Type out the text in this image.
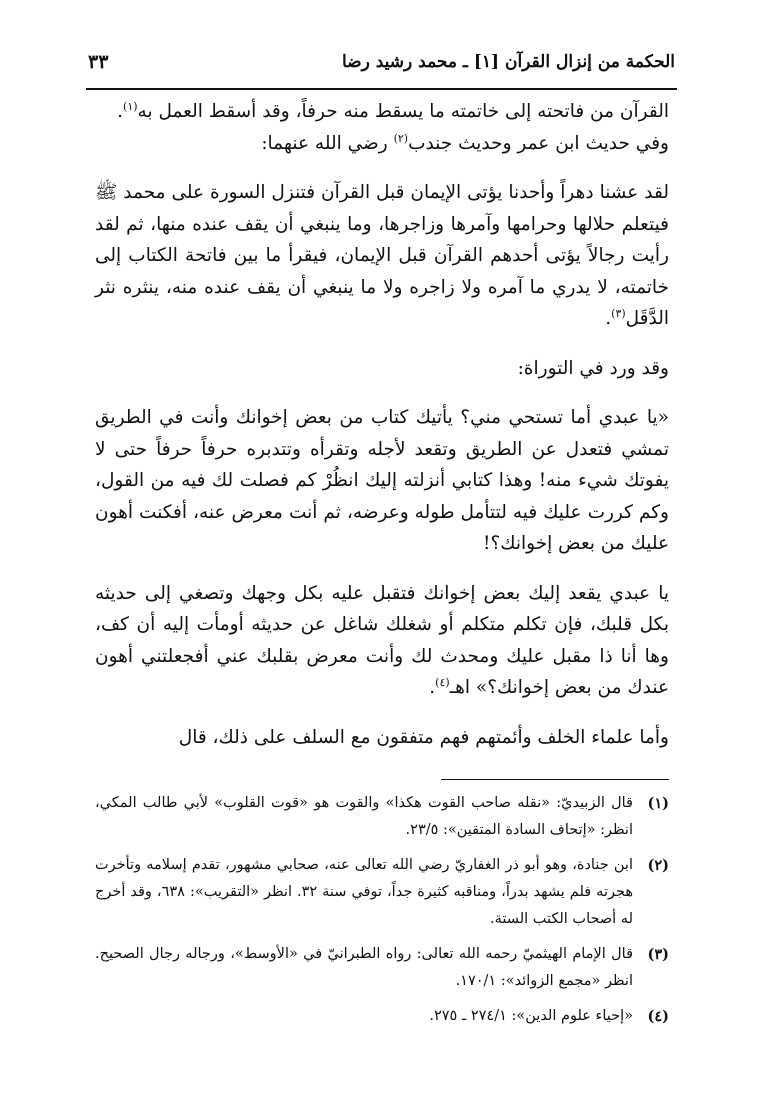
الحكمة من إنزال القرآن [١] ـ محمد رشيد رضا
٣٣

القرآن من فاتحته إلى خاتمته ما يسقط منه حرفاً، وقد أسقط العمل به$^{(١)}$.

وفي حديث ابن عمر وحديث جندب$^{(٢)}$ رضي الله عنهما:

لقد عشنا دهراً وأحدنا يؤتى الإيمان قبل القرآن فتنزل السورة على محمد ﷺ فيتعلم حلالها وحرامها وآمرها وزاجرها، وما ينبغي أن يقف عنده منها، ثم لقد رأيت رجالاً يؤتى أحدهم القرآن قبل الإيمان، فيقرأ ما بين فاتحة الكتاب إلى خاتمته، لا يدري ما آمره ولا زاجره ولا ما ينبغي أن يقف عنده منه، ينثره نثر الدَّقَل$^{(٣)}$.

وقد ورد في التوراة:

«يا عبدي أما تستحي مني؟ يأتيك كتاب من بعض إخوانك وأنت في الطريق تمشي فتعدل عن الطريق وتقعد لأجله وتقرأه وتتدبره حرفاً حرفاً حتى لا يفوتك شيء منه! وهذا كتابي أنزلته إليك انظُرْ كم فصلت لك فيه من القول، وكم كررت عليك فيه لتتأمل طوله وعرضه، ثم أنت معرض عنه، أفكنت أهون عليك من بعض إخوانك؟!

يا عبدي يقعد إليك بعض إخوانك فتقبل عليه بكل وجهك وتصغي إلى حديثه بكل قلبك، فإن تكلم متكلم أو شغلك شاغل عن حديثه أومأت إليه أن كف، وها أنا ذا مقبل عليك ومحدث لك وأنت معرض بقلبك عني أفجعلتني أهون عندك من بعض إخوانك؟» اهـ$^{(٤)}$.

وأما علماء الخلف وأئمتهم فهم متفقون مع السلف على ذلك، قال

(١)
قال الزبيديّ: «نقله صاحب القوت هكذا» والقوت هو «قوت القلوب» لأبي طالب المكي، انظر: «إتحاف السادة المتقين»: ٢٣/٥.
(٢)
ابن جنادة، وهو أبو ذر الغفاريّ رضي الله تعالى عنه، صحابي مشهور، تقدم إسلامه وتأخرت هجرته فلم يشهد بدراً، ومناقبه كثيرة جداً، توفي سنة ٣٢. انظر «التقريب»: ٦٣٨، وقد أخرج له أصحاب الكتب الستة.
(٣)
قال الإمام الهيثميّ رحمه الله تعالى: رواه الطبرانيّ في «الأوسط»، ورجاله رجال الصحيح. انظر «مجمع الزوائد»: ١٧٠/١.
(٤)
«إحياء علوم الدين»: ٢٧٤/١ ـ ٢٧٥.
